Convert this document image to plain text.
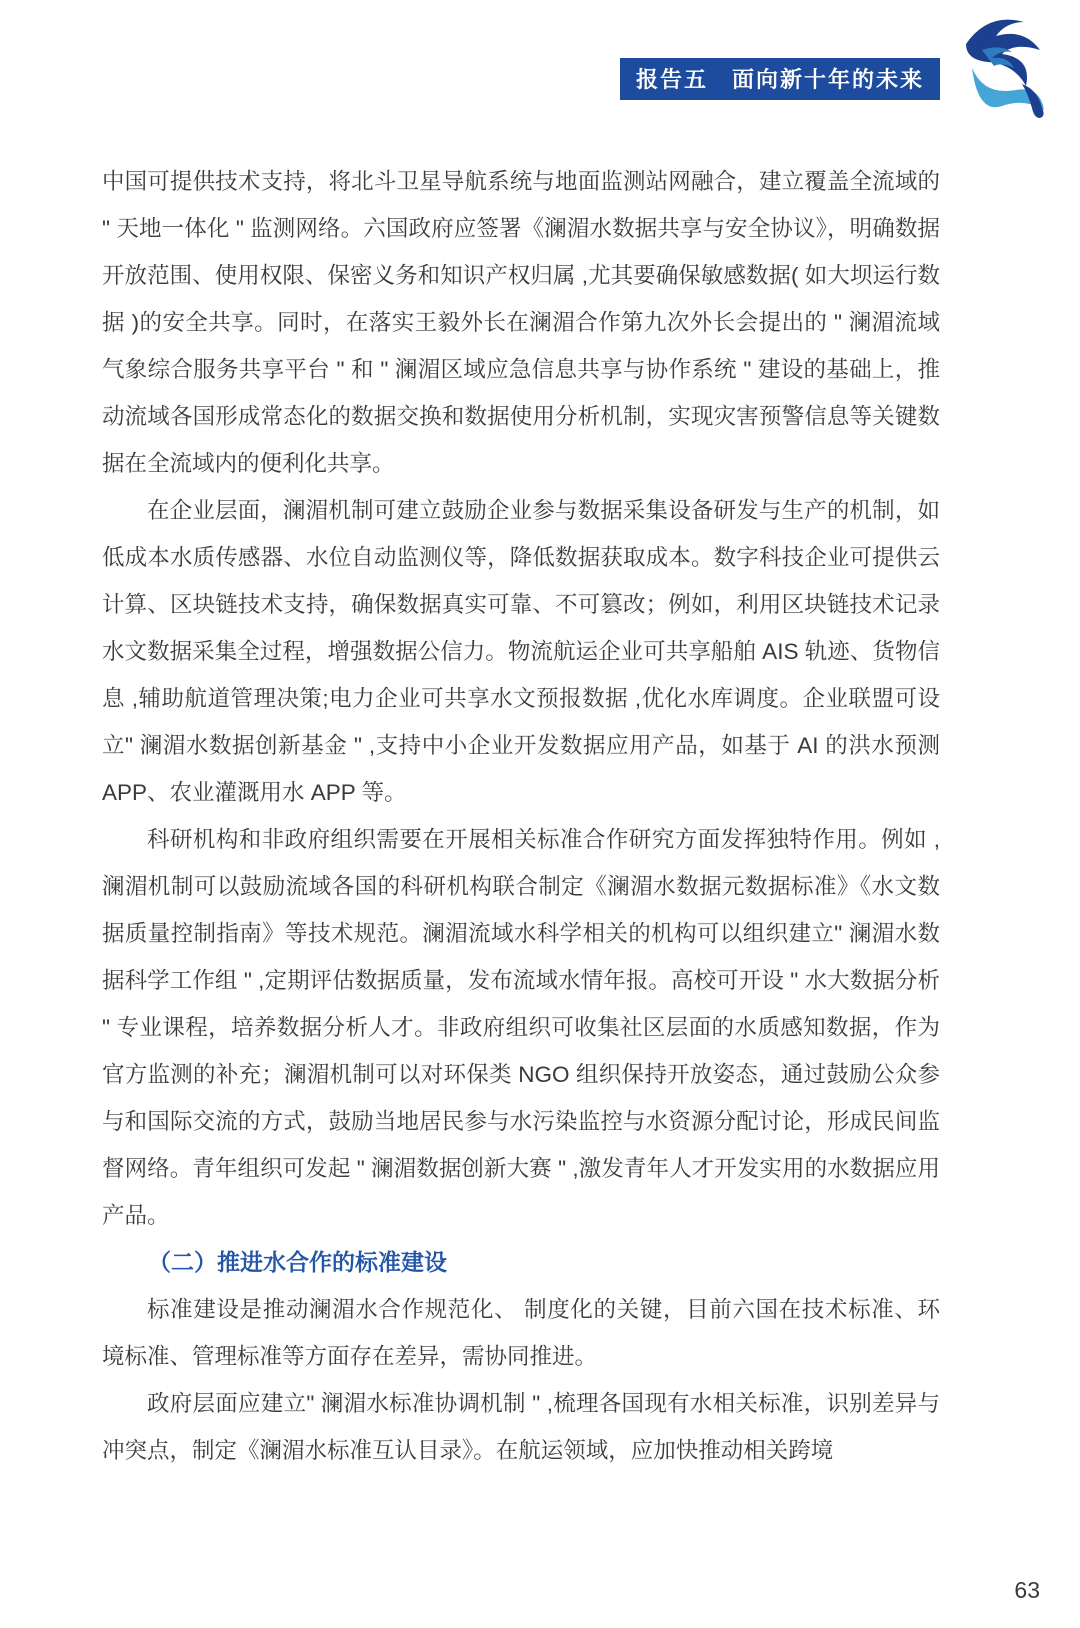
报告五　面向新十年的未来

中国可提供技术支持，将北斗卫星导航系统与地面监测站网融合，建立覆盖全流域的 " 天地一体化 " 监测网络。六国政府应签署《澜湄水数据共享与安全协议》，明确数据开放范围、使用权限、保密义务和知识产权归属 ,尤其要确保敏感数据( 如大坝运行数据 )的安全共享。同时，在落实王毅外长在澜湄合作第九次外长会提出的 " 澜湄流域气象综合服务共享平台 " 和 " 澜湄区域应急信息共享与协作系统 " 建设的基础上，推动流域各国形成常态化的数据交换和数据使用分析机制，实现灾害预警信息等关键数据在全流域内的便利化共享。

在企业层面，澜湄机制可建立鼓励企业参与数据采集设备研发与生产的机制，如低成本水质传感器、水位自动监测仪等，降低数据获取成本。数字科技企业可提供云计算、区块链技术支持，确保数据真实可靠、不可篡改；例如，利用区块链技术记录水文数据采集全过程，增强数据公信力。物流航运企业可共享船舶 AIS 轨迹、货物信息 ,辅助航道管理决策;电力企业可共享水文预报数据 ,优化水库调度。企业联盟可设立" 澜湄水数据创新基金 " ,支持中小企业开发数据应用产品，如基于 AI 的洪水预测 APP、农业灌溉用水 APP 等。

科研机构和非政府组织需要在开展相关标准合作研究方面发挥独特作用。例如 ,澜湄机制可以鼓励流域各国的科研机构联合制定《澜湄水数据元数据标准》《水文数据质量控制指南》等技术规范。澜湄流域水科学相关的机构可以组织建立" 澜湄水数据科学工作组 " ,定期评估数据质量，发布流域水情年报。高校可开设 " 水大数据分析 " 专业课程，培养数据分析人才。非政府组织可收集社区层面的水质感知数据，作为官方监测的补充；澜湄机制可以对环保类 NGO 组织保持开放姿态，通过鼓励公众参与和国际交流的方式，鼓励当地居民参与水污染监控与水资源分配讨论，形成民间监督网络。青年组织可发起 " 澜湄数据创新大赛 " ,激发青年人才开发实用的水数据应用产品。

（二）推进水合作的标准建设

标准建设是推动澜湄水合作规范化、 制度化的关键，目前六国在技术标准、环境标准、管理标准等方面存在差异，需协同推进。

政府层面应建立" 澜湄水标准协调机制 " ,梳理各国现有水相关标准，识别差异与冲突点，制定《澜湄水标准互认目录》。在航运领域，应加快推动相关跨境

63
